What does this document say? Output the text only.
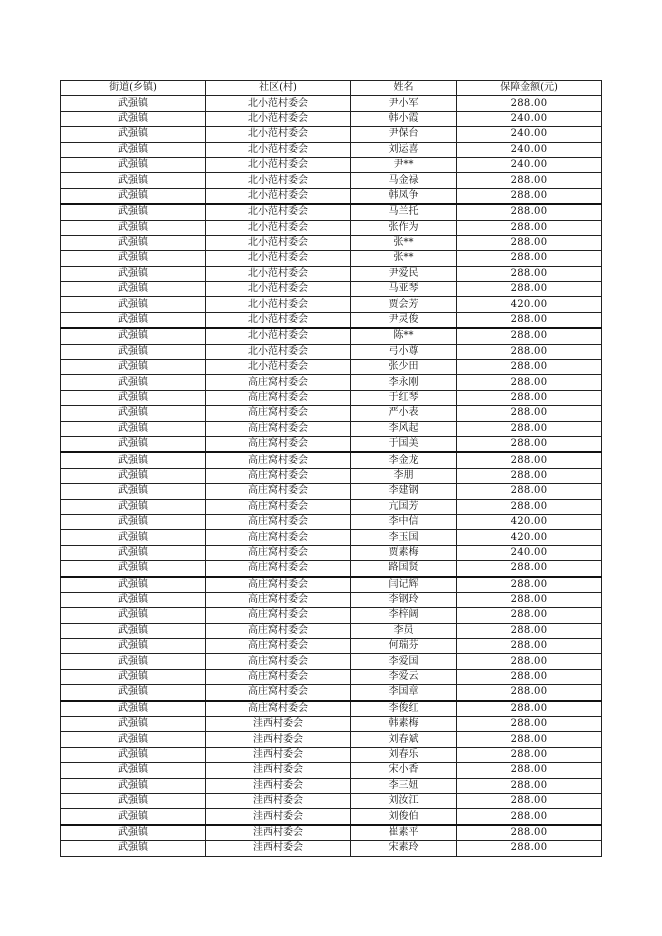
街道(乡镇)	社区(村)	姓名	保障金额(元)
武强镇	北小范村委会	尹小军	288.00
武强镇	北小范村委会	韩小霞	240.00
武强镇	北小范村委会	尹保台	240.00
武强镇	北小范村委会	刘运喜	240.00
武强镇	北小范村委会	尹**	240.00
武强镇	北小范村委会	马金禄	288.00
武强镇	北小范村委会	韩凤争	288.00
武强镇	北小范村委会	马兰托	288.00
武强镇	北小范村委会	张作为	288.00
武强镇	北小范村委会	张**	288.00
武强镇	北小范村委会	张**	288.00
武强镇	北小范村委会	尹爱民	288.00
武强镇	北小范村委会	马亚琴	288.00
武强镇	北小范村委会	贾会芳	420.00
武强镇	北小范村委会	尹灵俊	288.00
武强镇	北小范村委会	陈**	288.00
武强镇	北小范村委会	弓小尊	288.00
武强镇	北小范村委会	张少田	288.00
武强镇	高庄窝村委会	李永刚	288.00
武强镇	高庄窝村委会	于红琴	288.00
武强镇	高庄窝村委会	严小表	288.00
武强镇	高庄窝村委会	李风起	288.00
武强镇	高庄窝村委会	于国美	288.00
武强镇	高庄窝村委会	李金龙	288.00
武强镇	高庄窝村委会	李朋	288.00
武强镇	高庄窝村委会	李建钢	288.00
武强镇	高庄窝村委会	亢国芳	288.00
武强镇	高庄窝村委会	李中信	420.00
武强镇	高庄窝村委会	李玉国	420.00
武强镇	高庄窝村委会	贾素梅	240.00
武强镇	高庄窝村委会	路国贤	288.00
武强镇	高庄窝村委会	闫记辉	288.00
武强镇	高庄窝村委会	李钢玲	288.00
武强镇	高庄窝村委会	李梓阔	288.00
武强镇	高庄窝村委会	李员	288.00
武强镇	高庄窝村委会	何瑞芬	288.00
武强镇	高庄窝村委会	李爱国	288.00
武强镇	高庄窝村委会	李爱云	288.00
武强镇	高庄窝村委会	李国章	288.00
武强镇	高庄窝村委会	李俊红	288.00
武强镇	洼西村委会	韩素梅	288.00
武强镇	洼西村委会	刘春斌	288.00
武强镇	洼西村委会	刘春乐	288.00
武强镇	洼西村委会	宋小香	288.00
武强镇	洼西村委会	李三妞	288.00
武强镇	洼西村委会	刘汝江	288.00
武强镇	洼西村委会	刘俊伯	288.00
武强镇	洼西村委会	崔素平	288.00
武强镇	洼西村委会	宋素玲	288.00
